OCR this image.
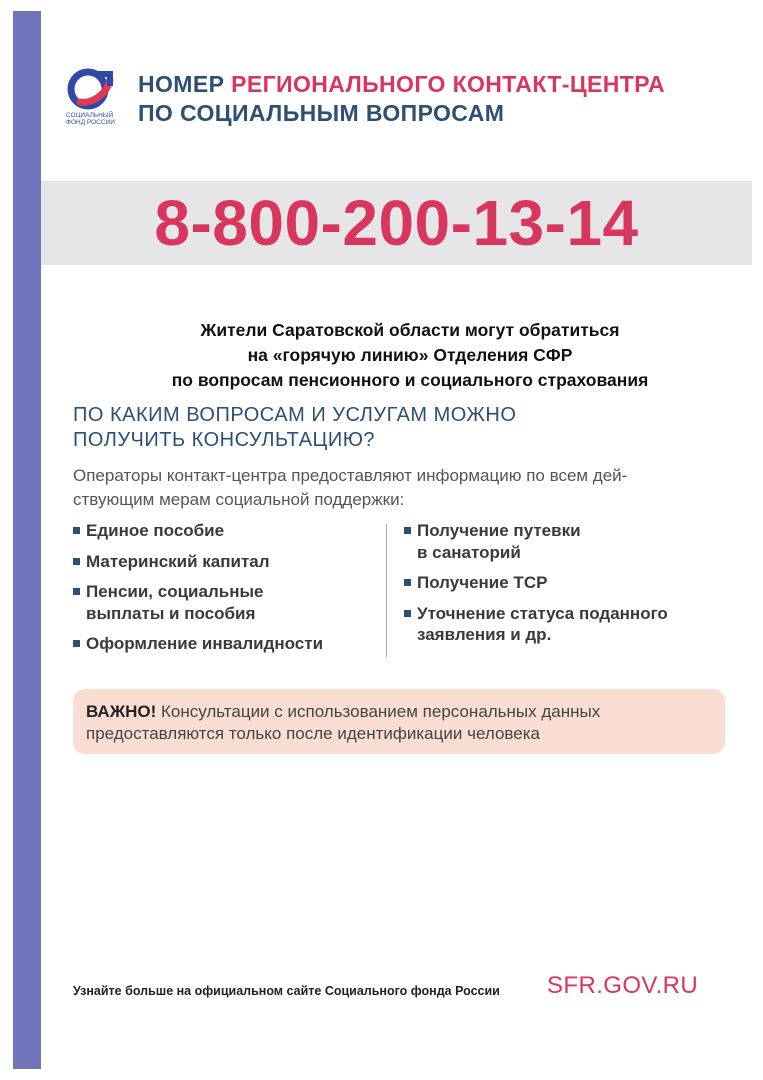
СОЦИАЛЬНЫЙ ФОНД РОССИИ
НОМЕР РЕГИОНАЛЬНОГО КОНТАКТ-ЦЕНТРА
ПО СОЦИАЛЬНЫМ ВОПРОСАМ
8-800-200-13-14
Жители Саратовской области могут обратиться
на «горячую линию» Отделения СФР
по вопросам пенсионного и социального страхования
ПО КАКИМ ВОПРОСАМ И УСЛУГАМ МОЖНО
ПОЛУЧИТЬ КОНСУЛЬТАЦИЮ?
Операторы контакт-центра предоставляют информацию по всем дей-
ствующим мерам социальной поддержки:
Единое пособие
Материнский капитал
Пенсии, социальные
выплаты и пособия
Оформление инвалидности
Получение путевки
в санаторий
Получение ТСР
Уточнение статуса поданного
заявления и др.
ВАЖНО! Консультации с использованием персональных данных
предоставляются только после идентификации человека
Узнайте больше на официальном сайте Социального фонда России	SFR.GOV.RU
